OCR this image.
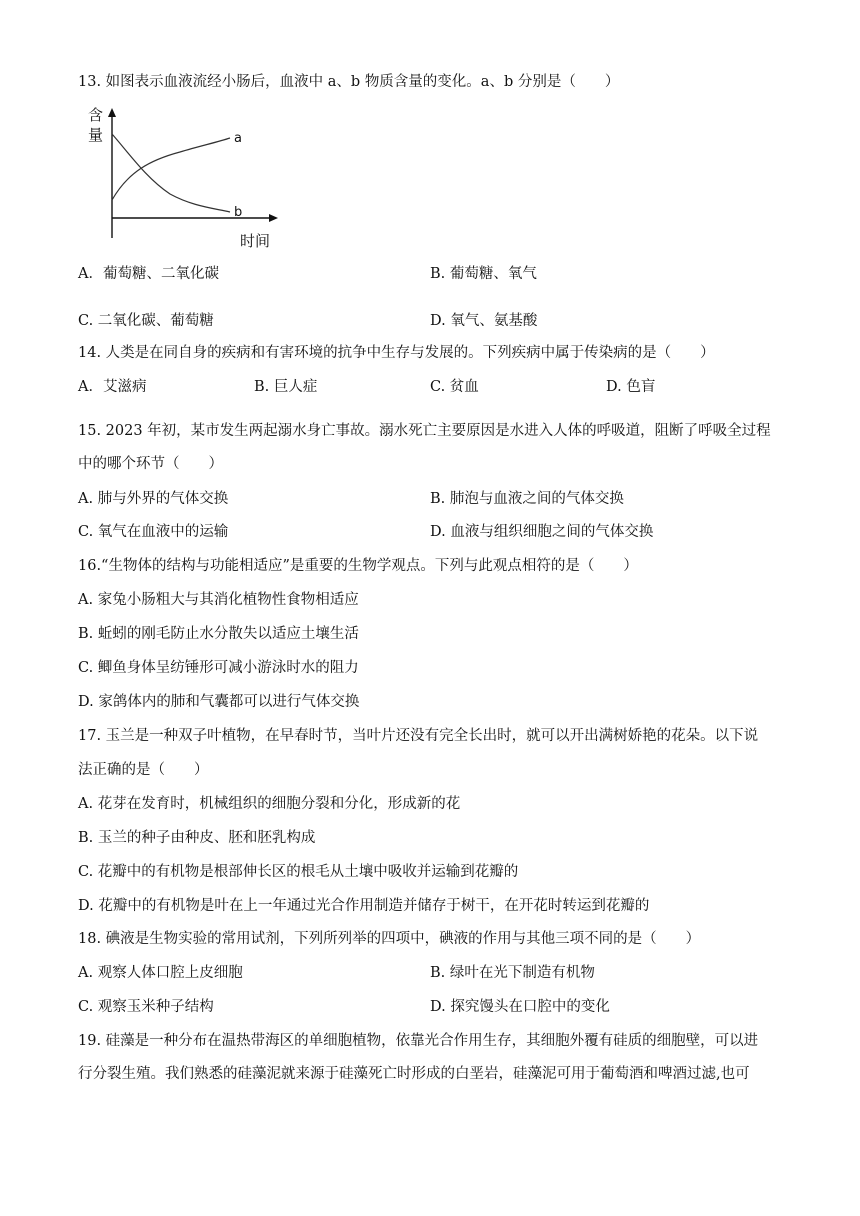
13. 如图表示血液流经小肠后，血液中 a、b 物质含量的变化。a、b 分别是（　　）
含
量	a
b
时间
A．葡萄糖、二氧化碳	B. 葡萄糖、氧气
C. 二氧化碳、葡萄糖	D. 氧气、氨基酸
14. 人类是在同自身的疾病和有害环境的抗争中生存与发展的。下列疾病中属于传染病的是（　　）
A．艾滋病	B. 巨人症	C. 贫血	D. 色盲
15. 2023 年初，某市发生两起溺水身亡事故。溺水死亡主要原因是水进入人体的呼吸道，阻断了呼吸全过程
中的哪个环节（　　）
A. 肺与外界的气体交换	B. 肺泡与血液之间的气体交换
C. 氧气在血液中的运输	D. 血液与组织细胞之间的气体交换
16.“生物体的结构与功能相适应”是重要的生物学观点。下列与此观点相符的是（　　）
A. 家兔小肠粗大与其消化植物性食物相适应
B. 蚯蚓的刚毛防止水分散失以适应土壤生活
C. 鲫鱼身体呈纺锤形可减小游泳时水的阻力
D. 家鸽体内的肺和气囊都可以进行气体交换
17. 玉兰是一种双子叶植物，在早春时节，当叶片还没有完全长出时，就可以开出满树娇艳的花朵。以下说
法正确的是（　　）
A. 花芽在发育时，机械组织的细胞分裂和分化，形成新的花
B. 玉兰的种子由种皮、胚和胚乳构成
C. 花瓣中的有机物是根部伸长区的根毛从土壤中吸收并运输到花瓣的
D. 花瓣中的有机物是叶在上一年通过光合作用制造并储存于树干，在开花时转运到花瓣的
18. 碘液是生物实验的常用试剂，下列所列举的四项中，碘液的作用与其他三项不同的是（　　）
A. 观察人体口腔上皮细胞	B. 绿叶在光下制造有机物
C. 观察玉米种子结构	D. 探究馒头在口腔中的变化
19. 硅藻是一种分布在温热带海区的单细胞植物，依靠光合作用生存，其细胞外覆有硅质的细胞壁，可以进
行分裂生殖。我们熟悉的硅藻泥就来源于硅藻死亡时形成的白垩岩，硅藻泥可用于葡萄酒和啤酒过滤,也可
